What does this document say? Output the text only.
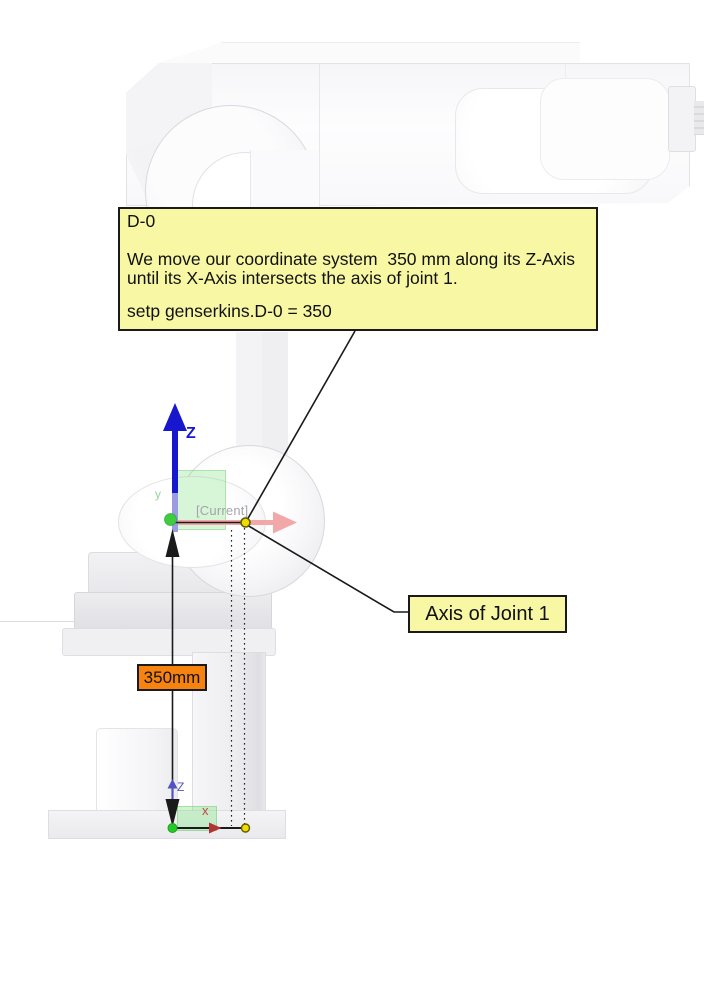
D-0
We move our coordinate system  350 mm along its Z-Axis
until its X-Axis intersects the axis of joint 1.
setp genserkins.D-0 = 350
350mm
Axis of Joint 1
[Current]
Z
y
Z
x
